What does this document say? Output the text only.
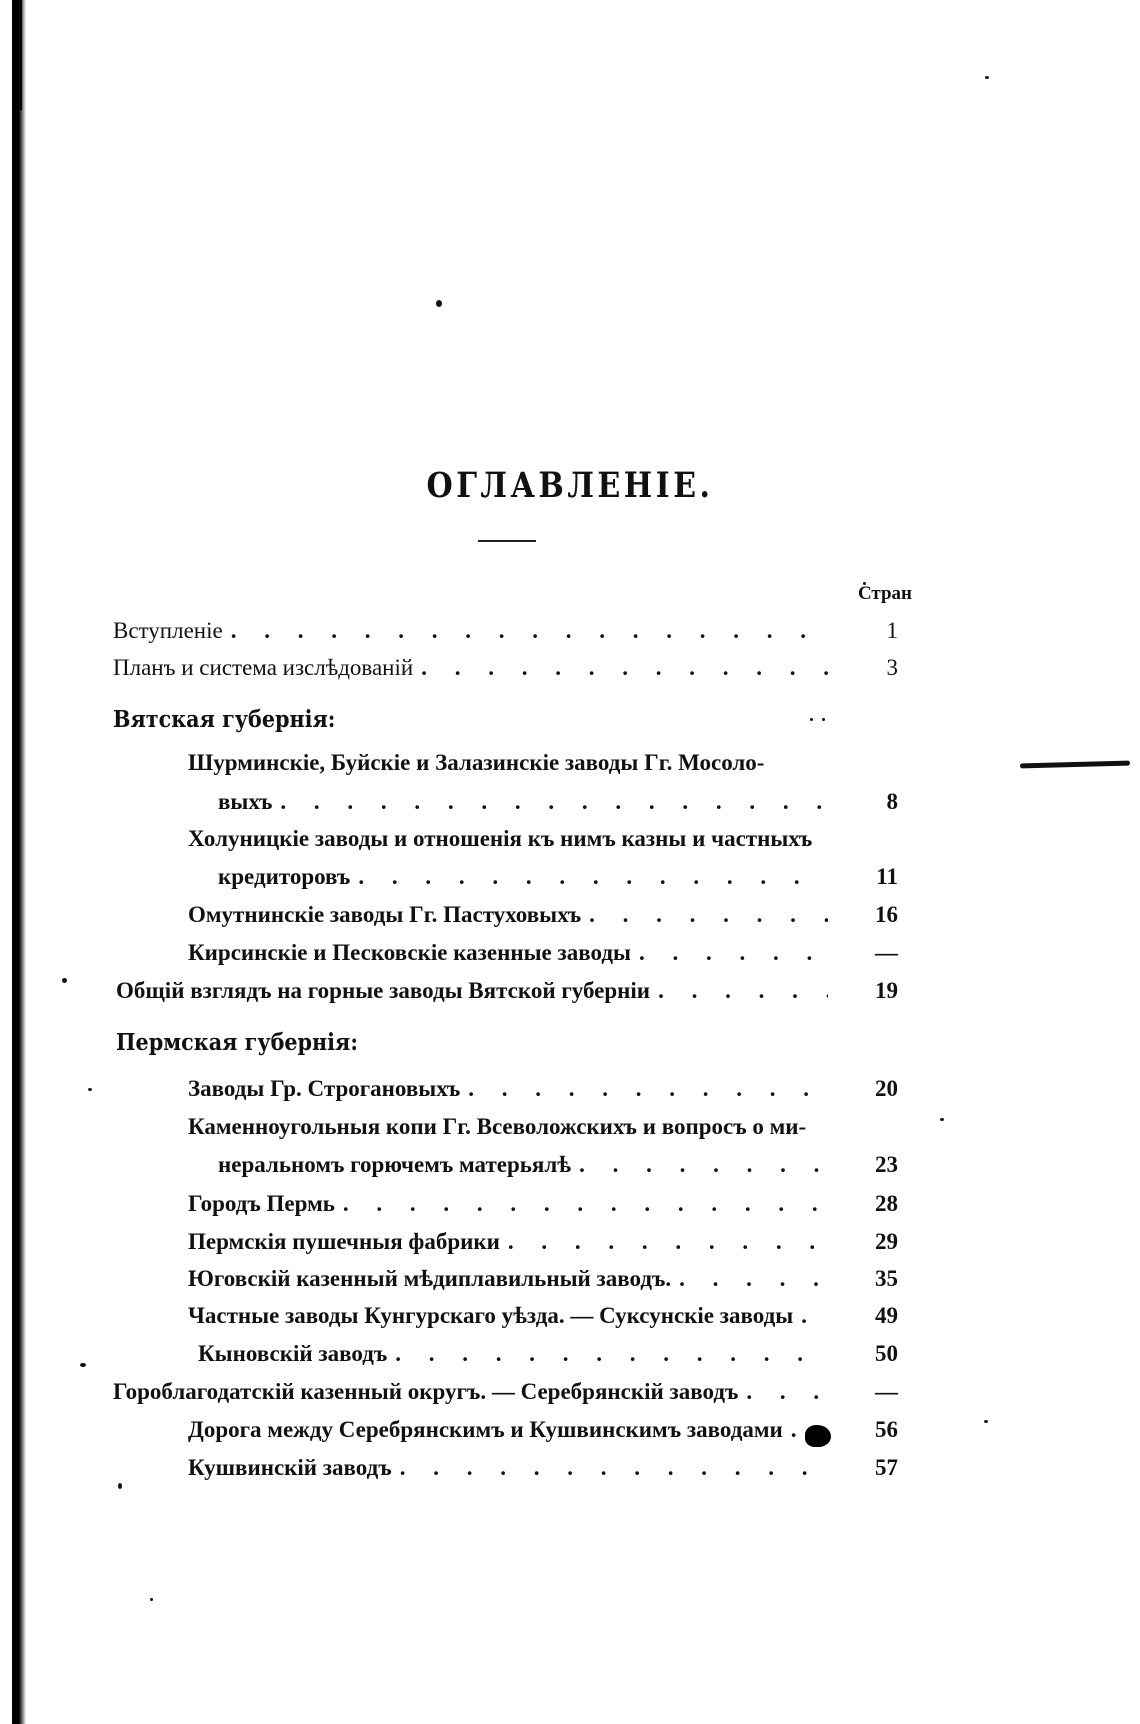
ОГЛАВЛЕНІЕ.
Стран
Вступленіе . . .	1
Планъ и система изслѣдованій . . .	3
Вятская губернія:
Шурминскіе, Буйскіе и Залазинскіе заводы Гг. Мосоло-
выхъ . . .	8
Холуницкіе заводы и отношенія къ нимъ казны и частныхъ
кредиторовъ . . .	11
Омутнинскіе заводы Гг. Пастуховыхъ . . .	16
Кирсинскіе и Песковскіе казенные заводы . . .	—
Общій взглядъ на горные заводы Вятской губерніи . . .	19
Пермская губернія:
Заводы Гр. Строгановыхъ . . .	20
Каменноугольныя копи Гг. Всеволожскихъ и вопросъ о ми-
неральномъ горючемъ матерьялѣ . . .	23
Городъ Пермь . . .	28
Пермскія пушечныя фабрики . . .	29
Юговскій казенный мѣдиплавильный заводъ. . . .	35
Частные заводы Кунгурскаго уѣзда. — Суксунскіе заводы . . .	49
Кыновскій заводъ . . .	50
Гороблагодатскій казенный округъ. — Серебрянскій заводъ . . .	—
Дорога между Серебрянскимъ и Кушвинскимъ заводами . . .	56
Кушвинскій заводъ . . .	57
